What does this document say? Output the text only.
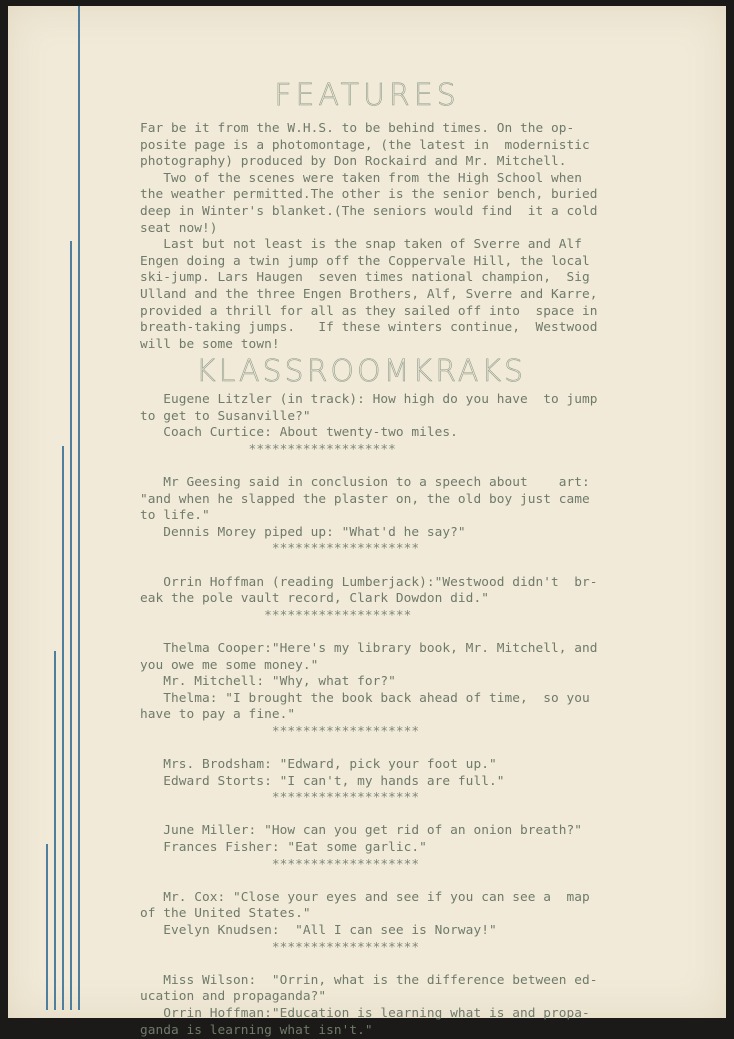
FEATURES
Far be it from the W.H.S. to be behind times. On the op-
posite page is a photomontage, (the latest in  modernistic
photography) produced by Don Rockaird and Mr. Mitchell.
Two of the scenes were taken from the High School when
the weather permitted.The other is the senior bench, buried
deep in Winter's blanket.(The seniors would find  it a cold
seat now!)
Last but not least is the snap taken of Sverre and Alf
Engen doing a twin jump off the Coppervale Hill, the local
ski-jump. Lars Haugen  seven times national champion,  Sig
Ulland and the three Engen Brothers, Alf, Sverre and Karre,
provided a thrill for all as they sailed off into  space in
breath-taking jumps.   If these winters continue,  Westwood
will be some town!
KLASSROOMKRAKS
Eugene Litzler (in track): How high do you have  to jump
to get to Susanville?"
Coach Curtice: About twenty-two miles.
*******************
Mr Geesing said in conclusion to a speech about    art:
"and when he slapped the plaster on, the old boy just came
to life."
Dennis Morey piped up: "What'd he say?"
*******************
Orrin Hoffman (reading Lumberjack):"Westwood didn't  br-
eak the pole vault record, Clark Dowdon did."
*******************
Thelma Cooper:"Here's my library book, Mr. Mitchell, and
you owe me some money."
Mr. Mitchell: "Why, what for?"
Thelma: "I brought the book back ahead of time,  so you
have to pay a fine."
*******************
Mrs. Brodsham: "Edward, pick your foot up."
Edward Storts: "I can't, my hands are full."
*******************
June Miller: "How can you get rid of an onion breath?"
Frances Fisher: "Eat some garlic."
*******************
Mr. Cox: "Close your eyes and see if you can see a  map
of the United States."
Evelyn Knudsen:  "All I can see is Norway!"
*******************
Miss Wilson:  "Orrin, what is the difference between ed-
ucation and propaganda?"
Orrin Hoffman:"Education is learning what is and propa-
ganda is learning what isn't."
